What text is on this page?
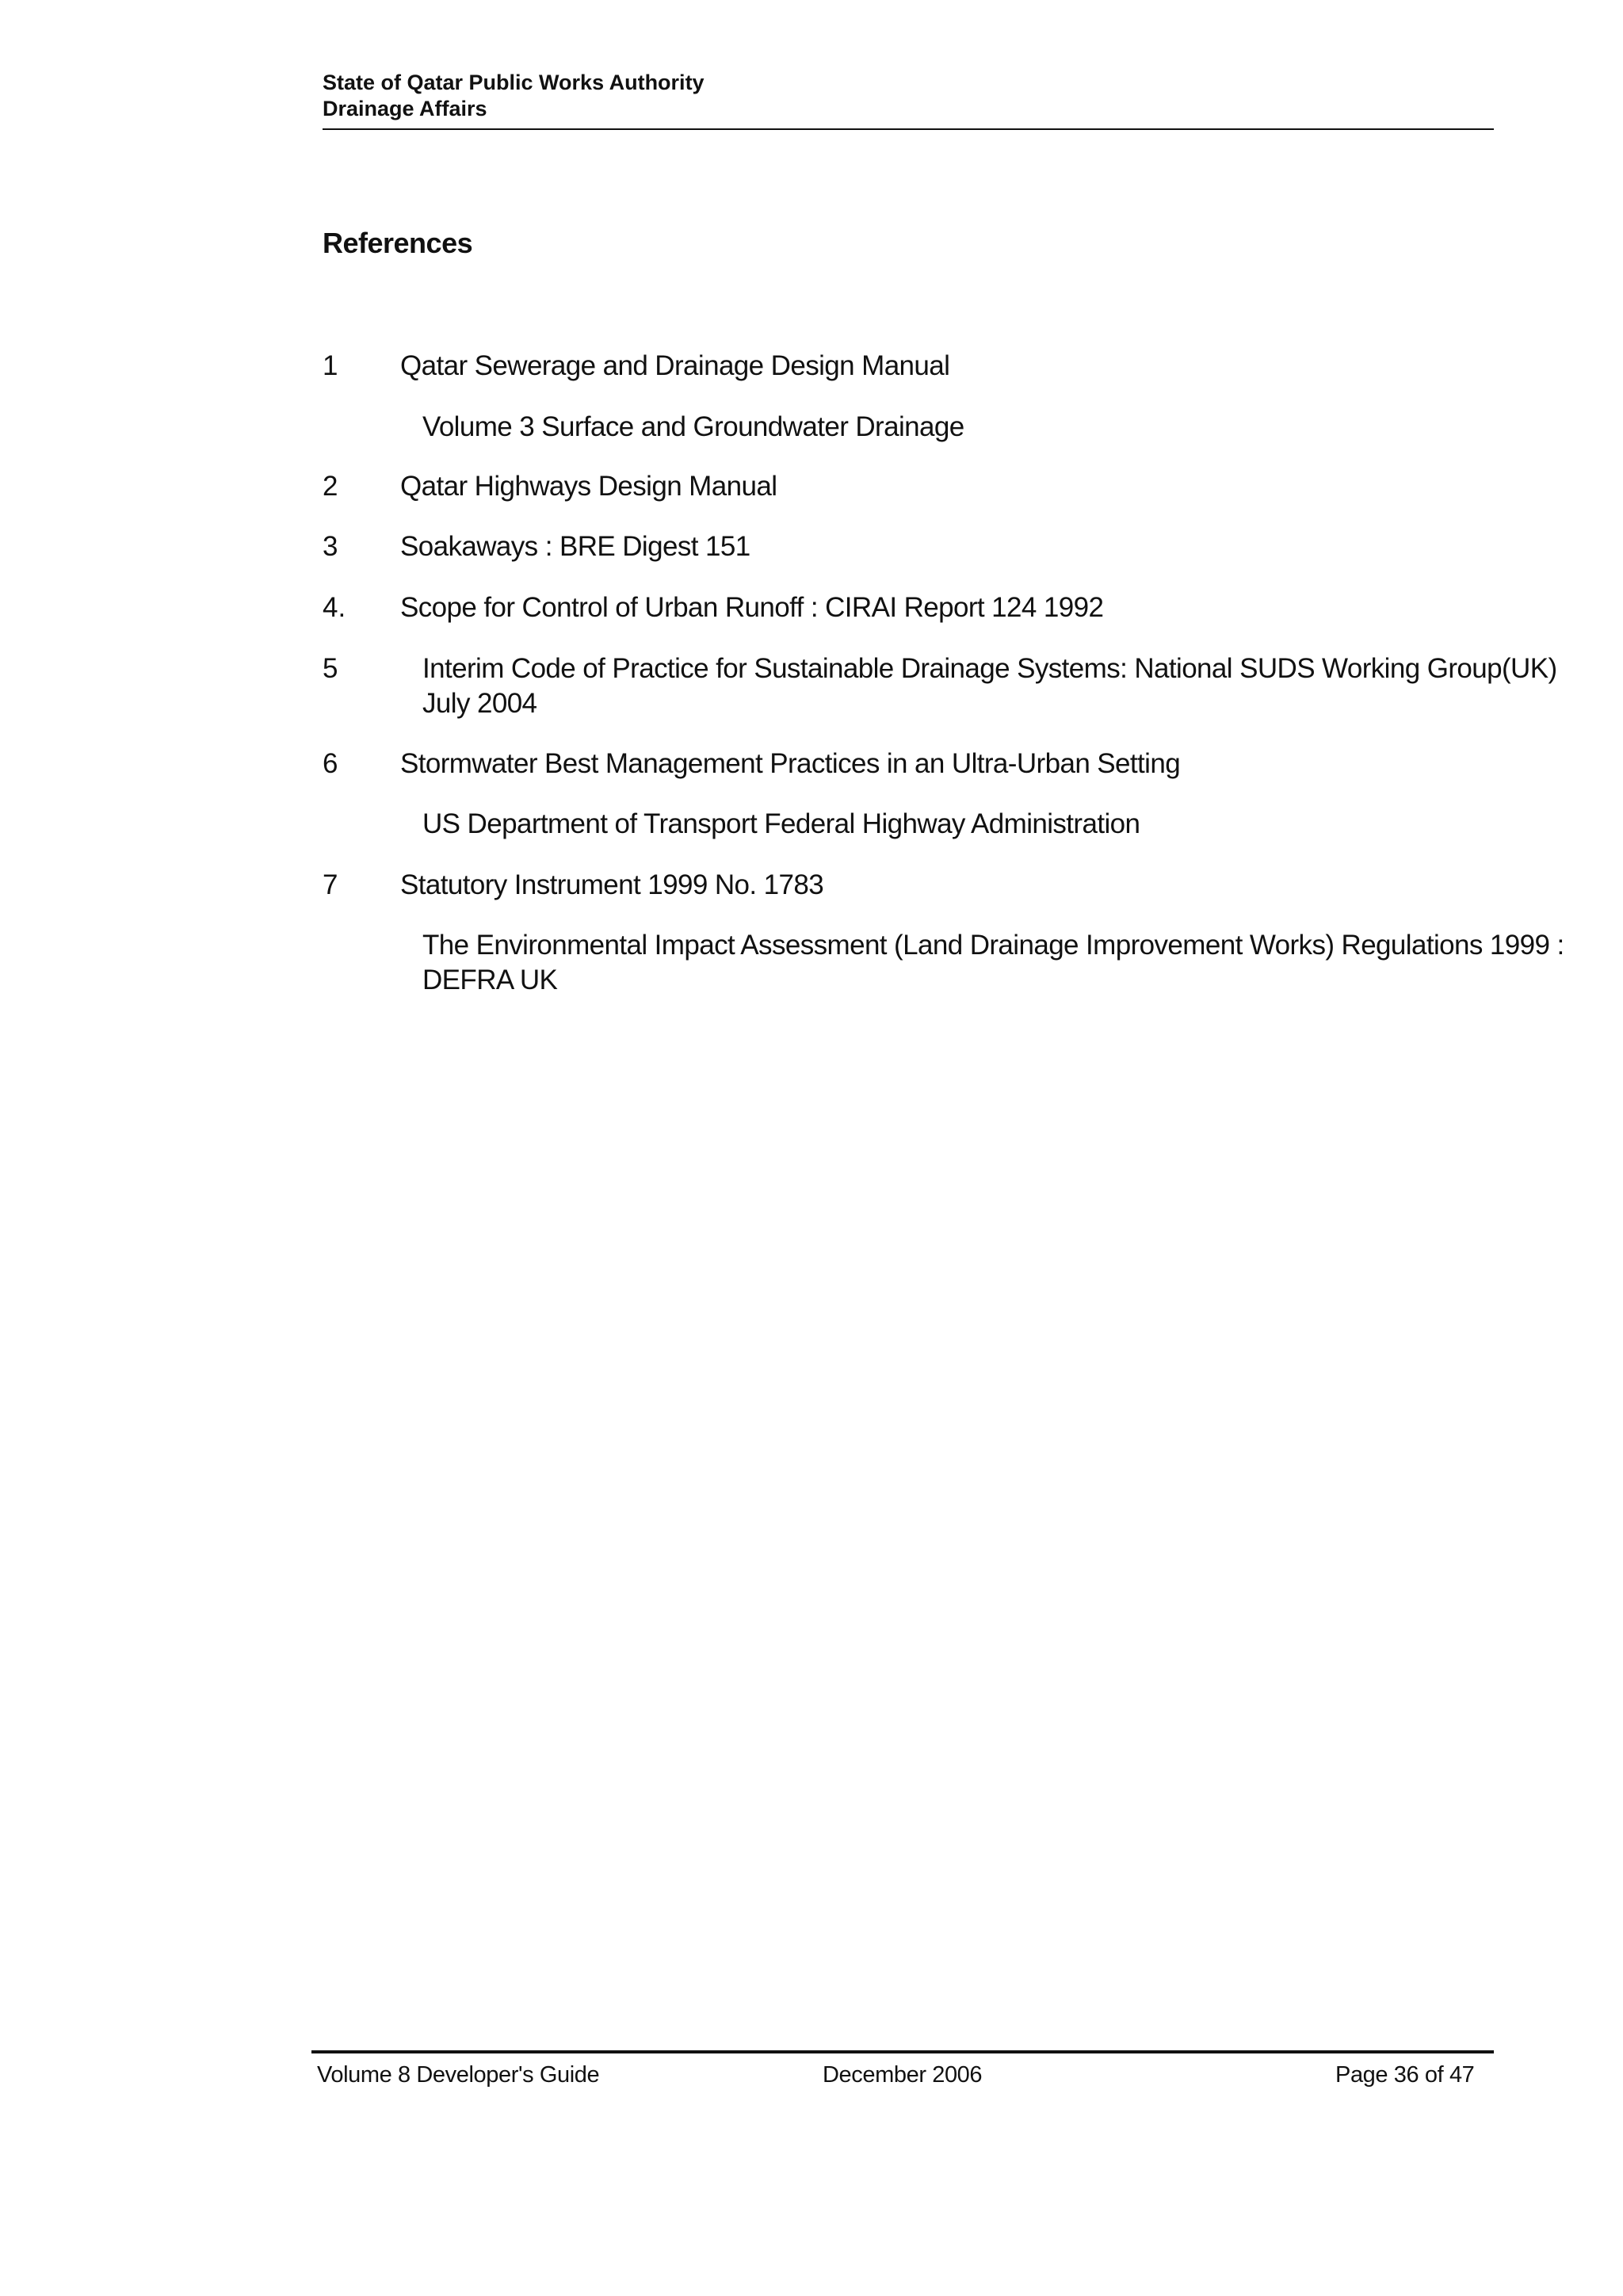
State of Qatar Public Works Authority
Drainage Affairs
References
1 Qatar Sewerage and Drainage Design Manual
Volume 3 Surface and Groundwater Drainage
2 Qatar Highways Design Manual
3 Soakaways : BRE Digest 151
4. Scope for Control of Urban Runoff : CIRAI Report 124 1992
5	Interim Code of Practice for Sustainable Drainage Systems: National SUDS Working Group(UK)
July 2004
6 Stormwater Best Management Practices in an Ultra-Urban Setting
US Department of Transport Federal Highway Administration
7 Statutory Instrument 1999 No. 1783
The Environmental Impact Assessment (Land Drainage Improvement Works) Regulations 1999 :
DEFRA UK
Volume 8 Developer's Guide	December 2006	Page 36 of 47
